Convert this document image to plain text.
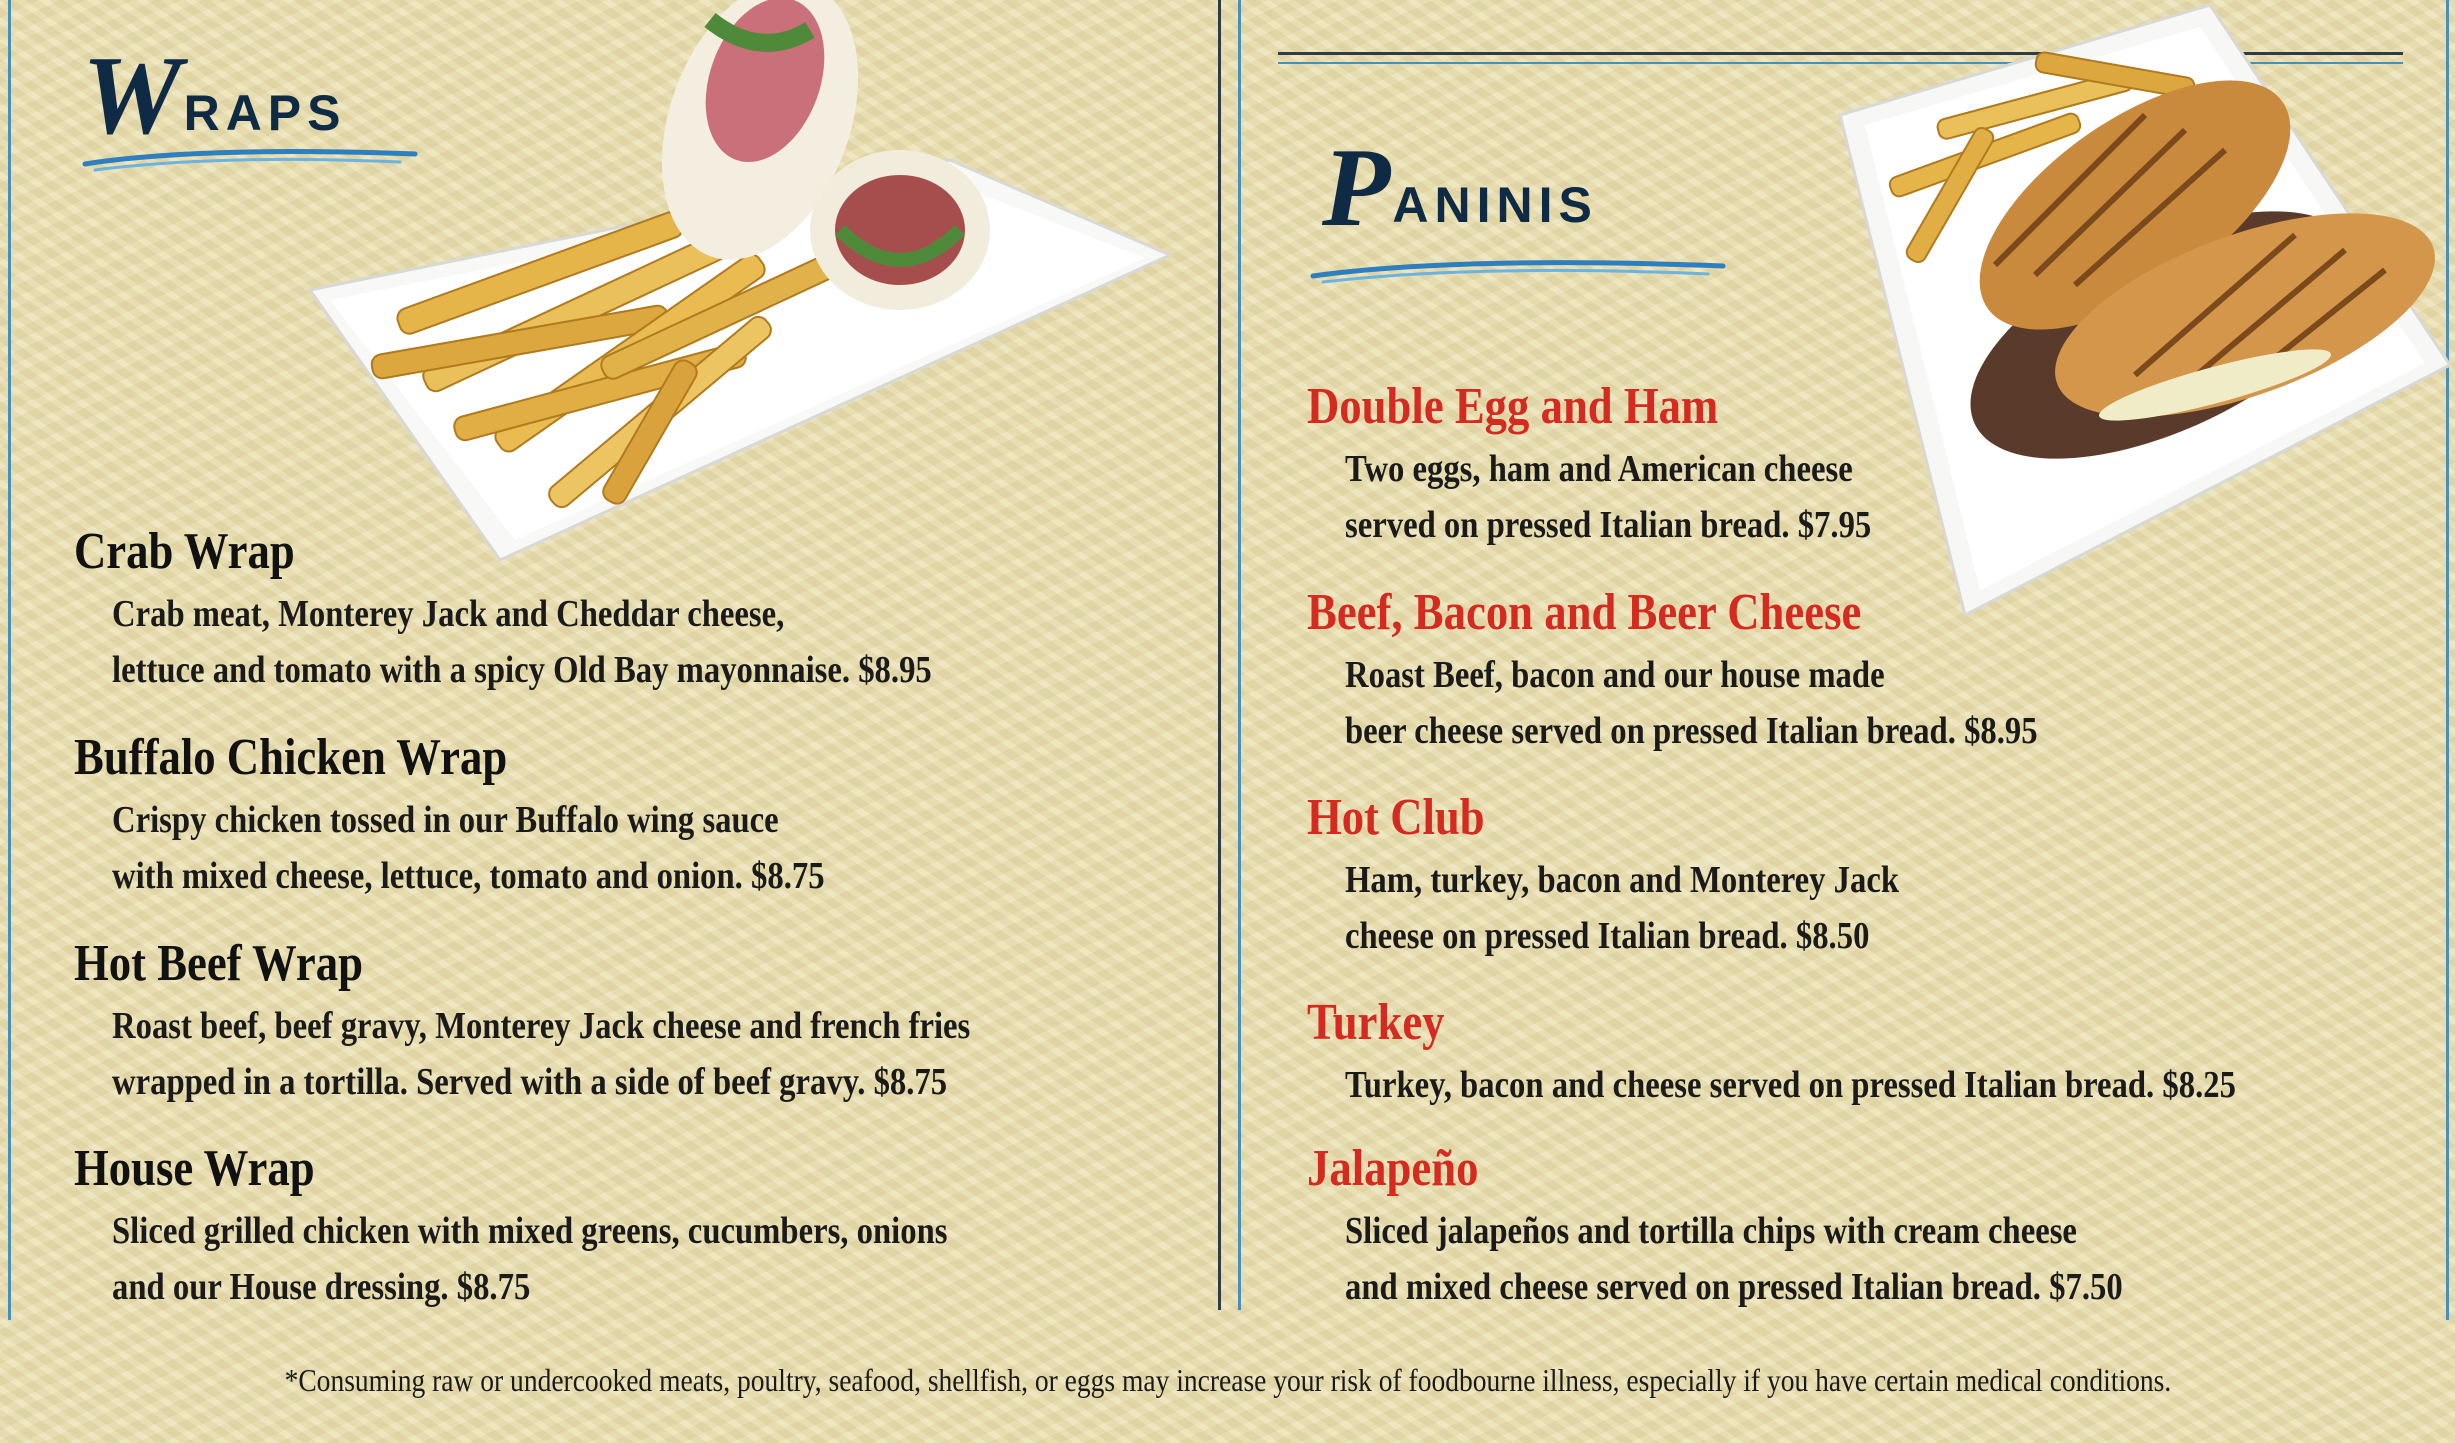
W RAPS
Crab Wrap
Crab meat, Monterey Jack and Cheddar cheese,
lettuce and tomato with a spicy Old Bay mayonnaise. $8.95
Buffalo Chicken Wrap
Crispy chicken tossed in our Buffalo wing sauce
with mixed cheese, lettuce, tomato and onion. $8.75
Hot Beef Wrap
Roast beef, beef gravy, Monterey Jack cheese and french fries
wrapped in a tortilla. Served with a side of beef gravy. $8.75
House Wrap
Sliced grilled chicken with mixed greens, cucumbers, onions
and our House dressing. $8.75
P ANINIS
Double Egg and Ham
Two eggs, ham and American cheese
served on pressed Italian bread. $7.95
Beef, Bacon and Beer Cheese
Roast Beef, bacon and our house made
beer cheese served on pressed Italian bread. $8.95
Hot Club
Ham, turkey, bacon and Monterey Jack
cheese on pressed Italian bread. $8.50
Turkey
Turkey, bacon and cheese served on pressed Italian bread. $8.25
Jalapeño
Sliced jalapeños and tortilla chips with cream cheese
and mixed cheese served on pressed Italian bread. $7.50
*Consuming raw or undercooked meats, poultry, seafood, shellfish, or eggs may increase your risk of foodbourne illness, especially if you have certain medical conditions.
